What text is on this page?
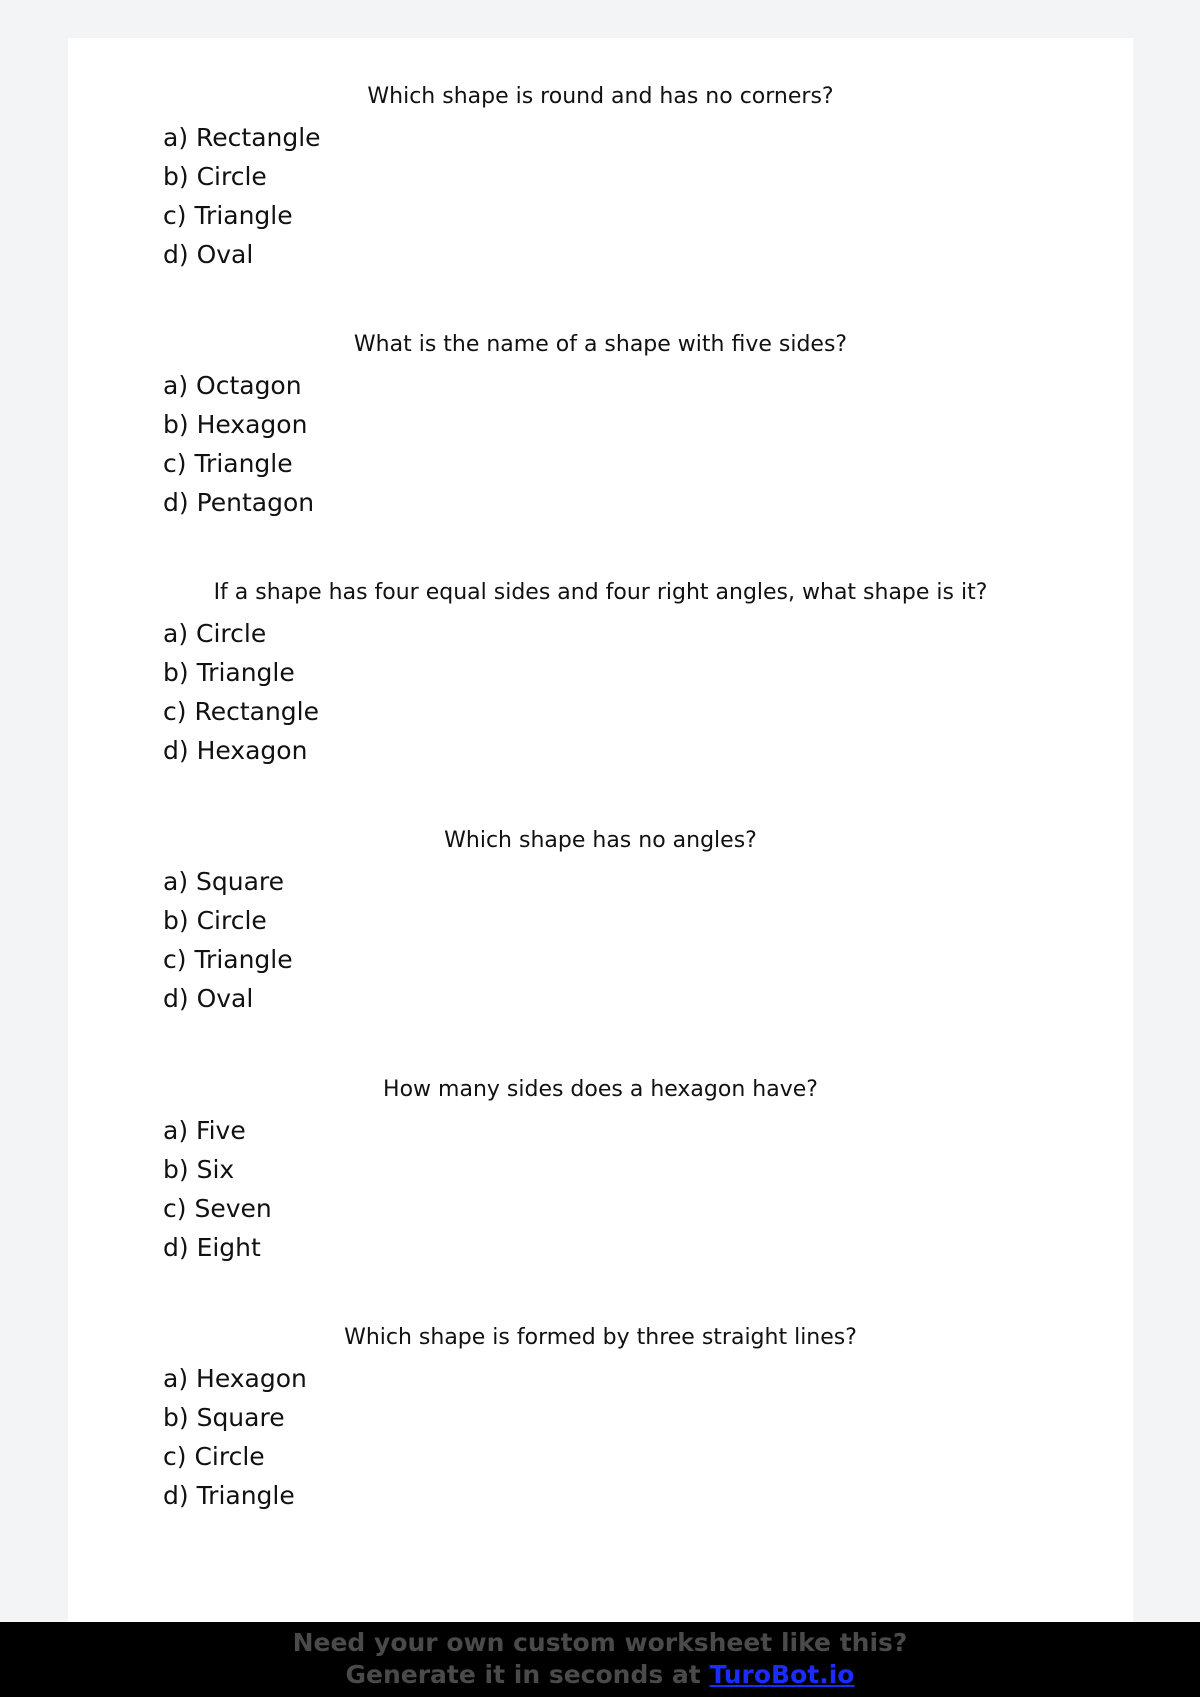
Which shape is round and has no corners?
a) Rectangle
b) Circle
c) Triangle
d) Oval
What is the name of a shape with five sides?
a) Octagon
b) Hexagon
c) Triangle
d) Pentagon
If a shape has four equal sides and four right angles, what shape is it?
a) Circle
b) Triangle
c) Rectangle
d) Hexagon
Which shape has no angles?
a) Square
b) Circle
c) Triangle
d) Oval
How many sides does a hexagon have?
a) Five
b) Six
c) Seven
d) Eight
Which shape is formed by three straight lines?
a) Hexagon
b) Square
c) Circle
d) Triangle
Need your own custom worksheet like this?
Generate it in seconds at TuroBot.io
